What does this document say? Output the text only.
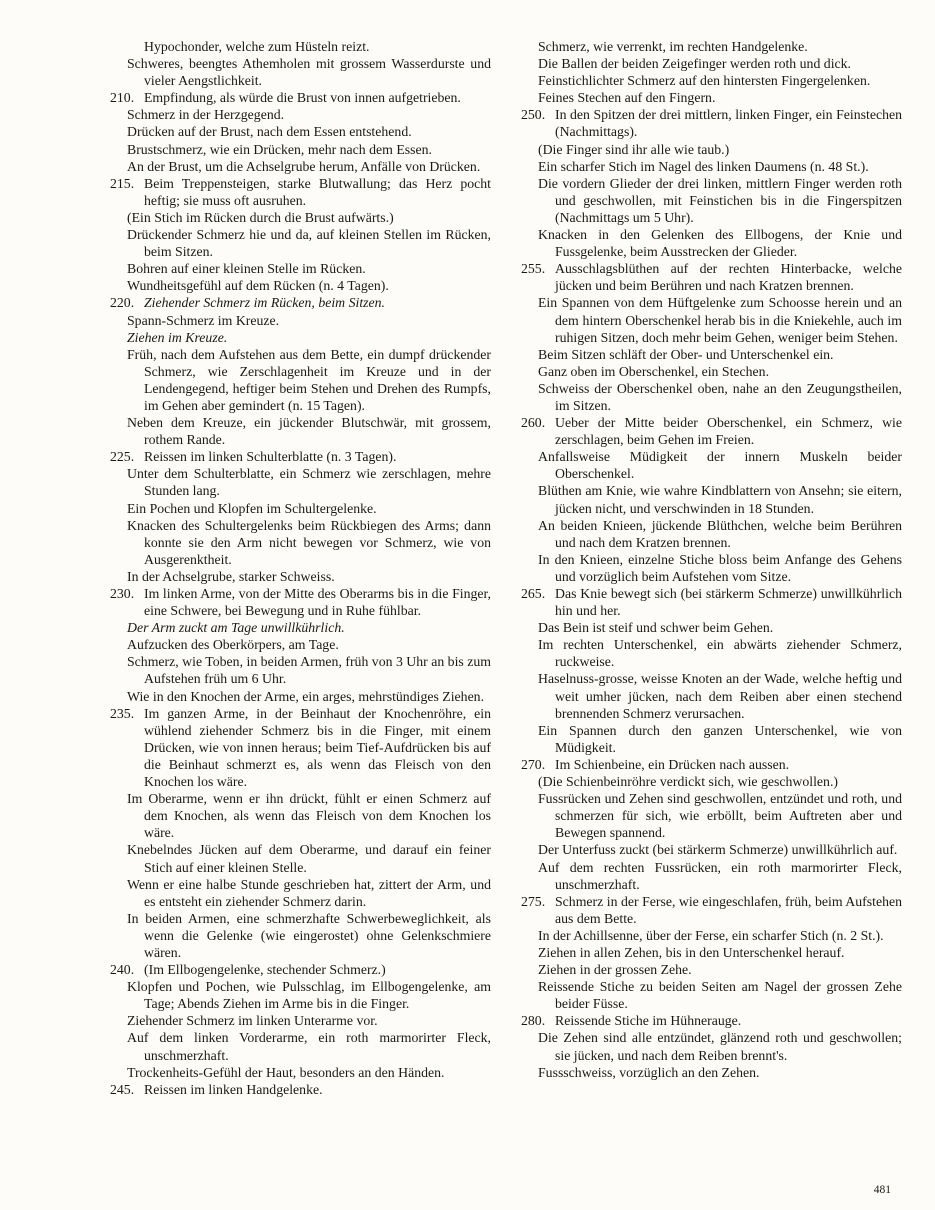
Hypochonder, welche zum Hüsteln reizt.

Schweres, beengtes Athemholen mit grossem Wasserdurste und vieler Aengstlichkeit.

210. Empfindung, als würde die Brust von innen aufgetrieben.

Schmerz in der Herzgegend.

Drücken auf der Brust, nach dem Essen entstehend.

Brustschmerz, wie ein Drücken, mehr nach dem Essen.

An der Brust, um die Achselgrube herum, Anfälle von Drücken.

215. Beim Treppensteigen, starke Blutwallung; das Herz pocht heftig; sie muss oft ausruhen.

(Ein Stich im Rücken durch die Brust aufwärts.)

Drückender Schmerz hie und da, auf kleinen Stellen im Rücken, beim Sitzen.

Bohren auf einer kleinen Stelle im Rücken.

Wundheitsgefühl auf dem Rücken (n. 4 Tagen).

220. Ziehender Schmerz im Rücken, beim Sitzen.

Spann-Schmerz im Kreuze.

Ziehen im Kreuze.

Früh, nach dem Aufstehen aus dem Bette, ein dumpf drückender Schmerz, wie Zerschlagenheit im Kreuze und in der Lendengegend, heftiger beim Stehen und Drehen des Rumpfs, im Gehen aber gemindert (n. 15 Tagen).

Neben dem Kreuze, ein jückender Blutschwär, mit grossem, rothem Rande.

225. Reissen im linken Schulterblatte (n. 3 Tagen).

Unter dem Schulterblatte, ein Schmerz wie zerschlagen, mehre Stunden lang.

Ein Pochen und Klopfen im Schultergelenke.

Knacken des Schultergelenks beim Rückbiegen des Arms; dann konnte sie den Arm nicht bewegen vor Schmerz, wie von Ausgerenktheit.

In der Achselgrube, starker Schweiss.

230. Im linken Arme, von der Mitte des Oberarms bis in die Finger, eine Schwere, bei Bewegung und in Ruhe fühlbar.

Der Arm zuckt am Tage unwillkührlich.

Aufzucken des Oberkörpers, am Tage.

Schmerz, wie Toben, in beiden Armen, früh von 3 Uhr an bis zum Aufstehen früh um 6 Uhr.

Wie in den Knochen der Arme, ein arges, mehrstündiges Ziehen.

235. Im ganzen Arme, in der Beinhaut der Knochenröhre, ein wühlend ziehender Schmerz bis in die Finger, mit einem Drücken, wie von innen heraus; beim Tief-Aufdrücken bis auf die Beinhaut schmerzt es, als wenn das Fleisch von den Knochen los wäre.

Im Oberarme, wenn er ihn drückt, fühlt er einen Schmerz auf dem Knochen, als wenn das Fleisch von dem Knochen los wäre.

Knebelndes Jücken auf dem Oberarme, und darauf ein feiner Stich auf einer kleinen Stelle.

Wenn er eine halbe Stunde geschrieben hat, zittert der Arm, und es entsteht ein ziehender Schmerz darin.

In beiden Armen, eine schmerzhafte Schwerbeweglichkeit, als wenn die Gelenke (wie eingerostet) ohne Gelenkschmiere wären.

240. (Im Ellbogengelenke, stechender Schmerz.)

Klopfen und Pochen, wie Pulsschlag, im Ellbogengelenke, am Tage; Abends Ziehen im Arme bis in die Finger.

Ziehender Schmerz im linken Unterarme vor.

Auf dem linken Vorderarme, ein roth marmorirter Fleck, unschmerzhaft.

Trockenheits-Gefühl der Haut, besonders an den Händen.

245. Reissen im linken Handgelenke.

Schmerz, wie verrenkt, im rechten Handgelenke.

Die Ballen der beiden Zeigefinger werden roth und dick.

Feinstichlichter Schmerz auf den hintersten Fingergelenken.

Feines Stechen auf den Fingern.

250. In den Spitzen der drei mittlern, linken Finger, ein Feinstechen (Nachmittags).

(Die Finger sind ihr alle wie taub.)

Ein scharfer Stich im Nagel des linken Daumens (n. 48 St.).

Die vordern Glieder der drei linken, mittlern Finger werden roth und geschwollen, mit Feinstichen bis in die Fingerspitzen (Nachmittags um 5 Uhr).

Knacken in den Gelenken des Ellbogens, der Knie und Fussgelenke, beim Ausstrecken der Glieder.

255. Ausschlagsblüthen auf der rechten Hinterbacke, welche jücken und beim Berühren und nach Kratzen brennen.

Ein Spannen von dem Hüftgelenke zum Schoosse herein und an dem hintern Oberschenkel herab bis in die Kniekehle, auch im ruhigen Sitzen, doch mehr beim Gehen, weniger beim Stehen.

Beim Sitzen schläft der Ober- und Unterschenkel ein.

Ganz oben im Oberschenkel, ein Stechen.

Schweiss der Oberschenkel oben, nahe an den Zeugungstheilen, im Sitzen.

260. Ueber der Mitte beider Oberschenkel, ein Schmerz, wie zerschlagen, beim Gehen im Freien.

Anfallsweise Müdigkeit der innern Muskeln beider Oberschenkel.

Blüthen am Knie, wie wahre Kindblattern von Ansehn; sie eitern, jücken nicht, und verschwinden in 18 Stunden.

An beiden Knieen, jückende Blüthchen, welche beim Berühren und nach dem Kratzen brennen.

In den Knieen, einzelne Stiche bloss beim Anfange des Gehens und vorzüglich beim Aufstehen vom Sitze.

265. Das Knie bewegt sich (bei stärkerm Schmerze) unwillkührlich hin und her.

Das Bein ist steif und schwer beim Gehen.

Im rechten Unterschenkel, ein abwärts ziehender Schmerz, ruckweise.

Haselnuss-grosse, weisse Knoten an der Wade, welche heftig und weit umher jücken, nach dem Reiben aber einen stechend brennenden Schmerz verursachen.

Ein Spannen durch den ganzen Unterschenkel, wie von Müdigkeit.

270. Im Schienbeine, ein Drücken nach aussen.

(Die Schienbeinröhre verdickt sich, wie geschwollen.)

Fussrücken und Zehen sind geschwollen, entzündet und roth, und schmerzen für sich, wie erböllt, beim Auftreten aber und Bewegen spannend.

Der Unterfuss zuckt (bei stärkerm Schmerze) unwillkührlich auf.

Auf dem rechten Fussrücken, ein roth marmorirter Fleck, unschmerzhaft.

275. Schmerz in der Ferse, wie eingeschlafen, früh, beim Aufstehen aus dem Bette.

In der Achillsenne, über der Ferse, ein scharfer Stich (n. 2 St.).

Ziehen in allen Zehen, bis in den Unterschenkel herauf.

Ziehen in der grossen Zehe.

Reissende Stiche zu beiden Seiten am Nagel der grossen Zehe beider Füsse.

280. Reissende Stiche im Hühnerauge.

Die Zehen sind alle entzündet, glänzend roth und geschwollen; sie jücken, und nach dem Reiben brennt's.

Fussschweiss, vorzüglich an den Zehen.

481
